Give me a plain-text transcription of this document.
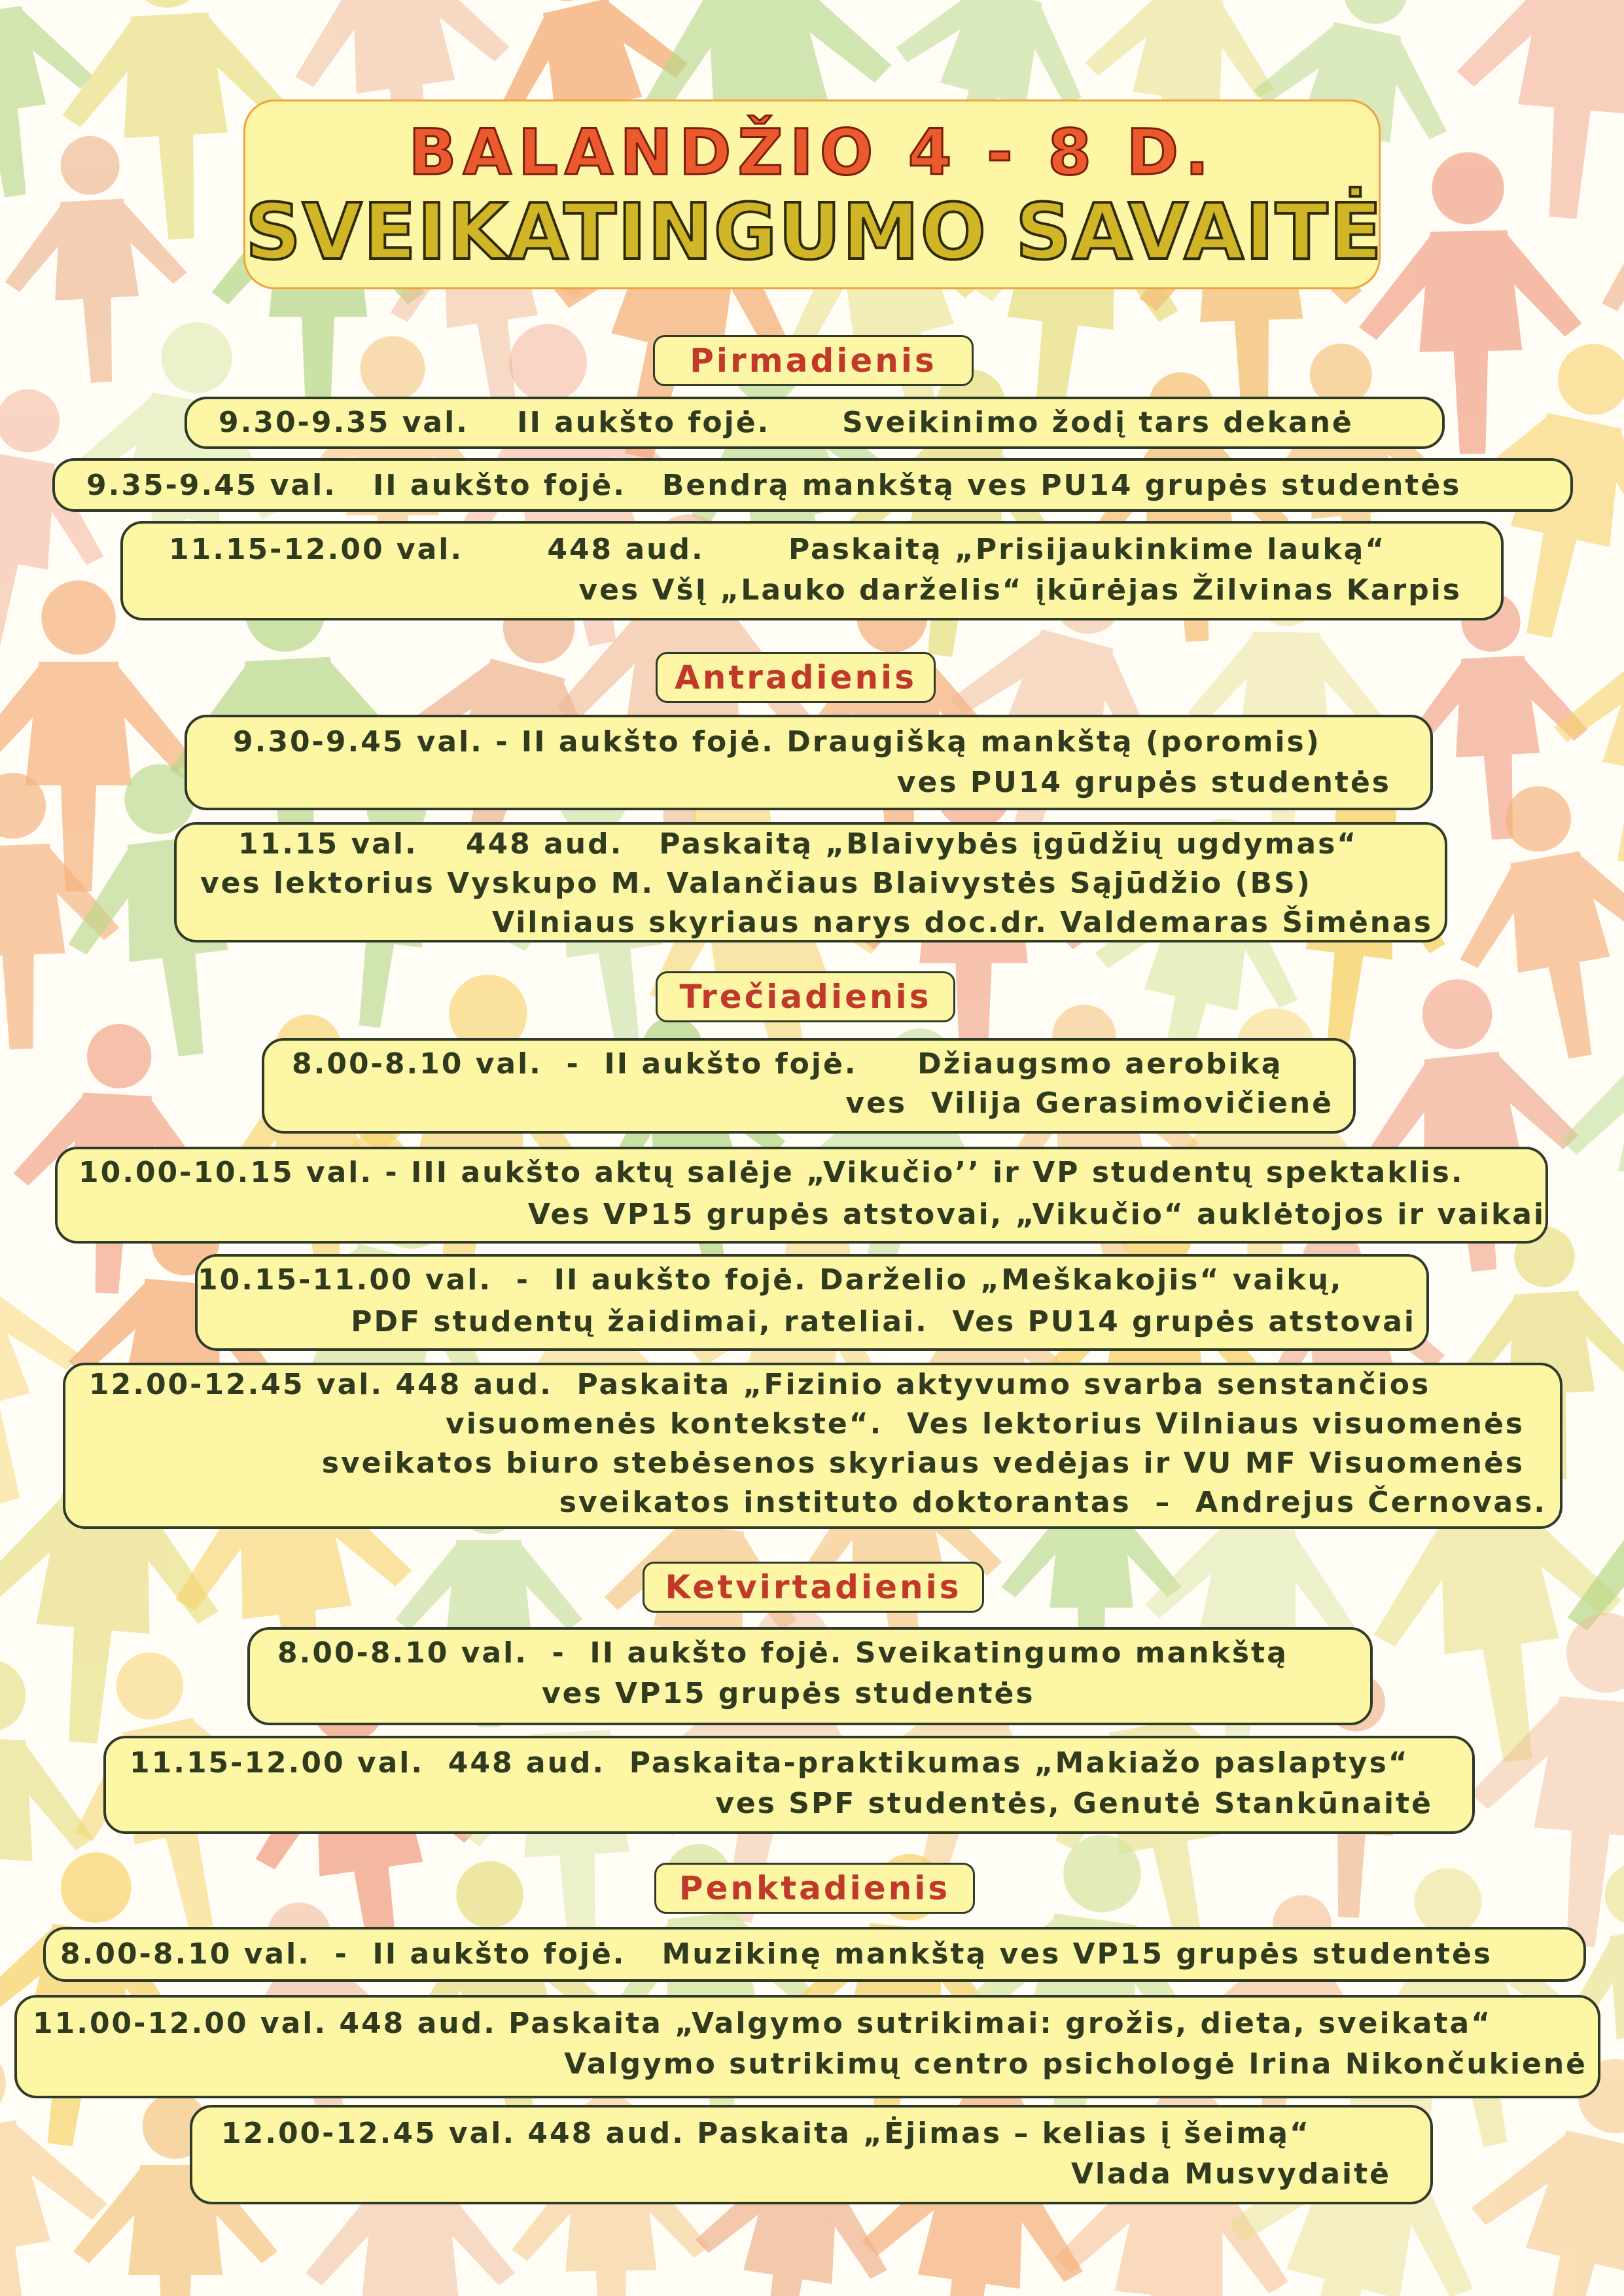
BALANDŽIO 4 - 8 D.
SVEIKATINGUMO SAVAITĖ
Pirmadienis
9.30-9.35 val.    II aukšto fojė.      Sveikinimo žodį tars dekanė
9.35-9.45 val.   II aukšto fojė.   Bendrą mankštą ves PU14 grupės studentės
11.15-12.00 val.       448 aud.       Paskaitą „Prisijaukinkime lauką“
ves VšĮ „Lauko darželis“ įkūrėjas Žilvinas Karpis
Antradienis
9.30-9.45 val. - II aukšto fojė. Draugišką mankštą (poromis)
ves PU14 grupės studentės
11.15 val.    448 aud.   Paskaitą „Blaivybės įgūdžių ugdymas“
ves lektorius Vyskupo M. Valančiaus Blaivystės Sąjūdžio (BS)
Vilniaus skyriaus narys doc.dr. Valdemaras Šimėnas
Trečiadienis
8.00-8.10 val.  -  II aukšto fojė.     Džiaugsmo aerobiką
ves  Vilija Gerasimovičienė
10.00-10.15 val. - III aukšto aktų salėje „Vikučio’’ ir VP studentų spektaklis.
Ves VP15 grupės atstovai, „Vikučio“ auklėtojos ir vaikai
10.15-11.00 val.  -  II aukšto fojė. Darželio „Meškakojis“ vaikų,
PDF studentų žaidimai, rateliai.  Ves PU14 grupės atstovai
12.00-12.45 val. 448 aud.  Paskaita „Fizinio aktyvumo svarba senstančios
visuomenės kontekste“.  Ves lektorius Vilniaus visuomenės
sveikatos biuro stebėsenos skyriaus vedėjas ir VU MF Visuomenės
sveikatos instituto doktorantas  –  Andrejus Černovas.
Ketvirtadienis
8.00-8.10 val.  -  II aukšto fojė. Sveikatingumo mankštą
ves VP15 grupės studentės
11.15-12.00 val.  448 aud.  Paskaita-praktikumas „Makiažo paslaptys“
ves SPF studentės, Genutė Stankūnaitė
Penktadienis
8.00-8.10 val.  -  II aukšto fojė.   Muzikinę mankštą ves VP15 grupės studentės
11.00-12.00 val. 448 aud. Paskaita „Valgymo sutrikimai: grožis, dieta, sveikata“
Valgymo sutrikimų centro psichologė Irina Nikončukienė
12.00-12.45 val. 448 aud. Paskaita „Ėjimas – kelias į šeimą“
Vlada Musvydaitė
